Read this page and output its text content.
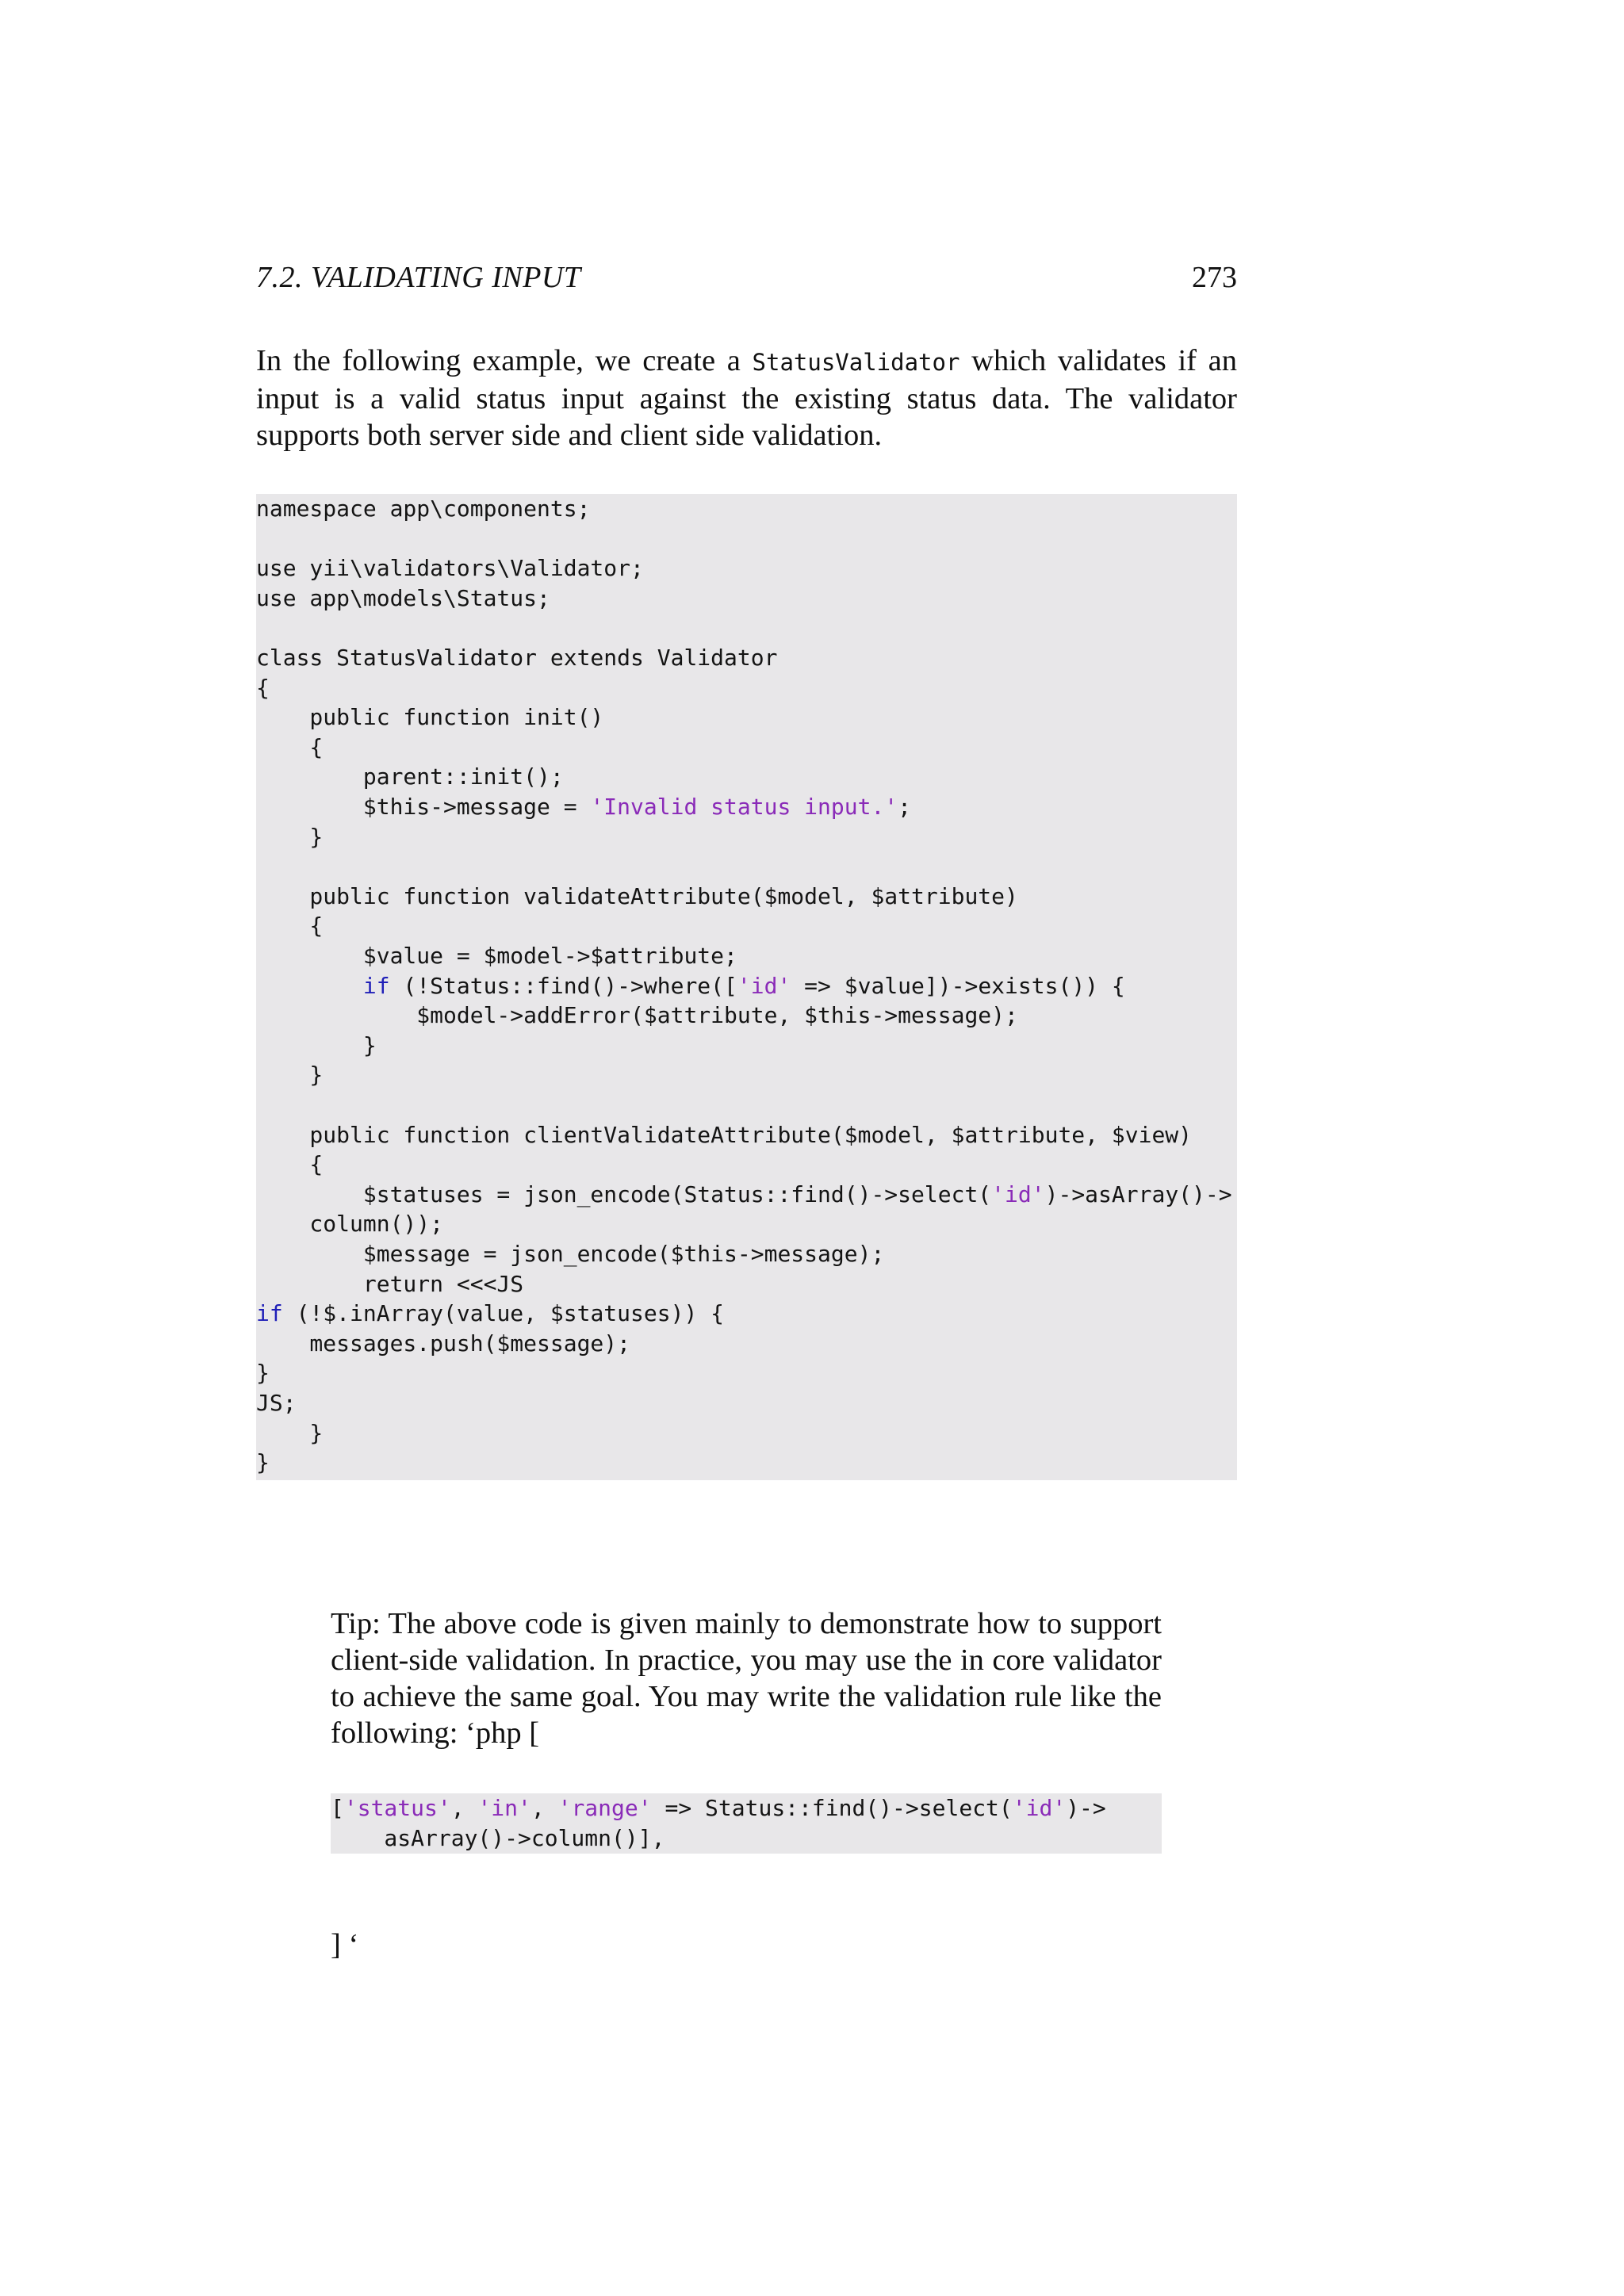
7.2. VALIDATING INPUT	273

In the following example, we create a StatusValidator which validates if an input is a valid status input against the existing status data. The validator supports both server side and client side validation.

namespace app\components;
use yii\validators\Validator;
use app\models\Status;
class StatusValidator extends Validator
{
public function init()
{
parent::init();
$this->message = 'Invalid status input.';
}
public function validateAttribute($model, $attribute)
{
$value = $model->$attribute;
if (!Status::find()->where(['id' => $value])->exists()) {
$model->addError($attribute, $this->message);
}
}
public function clientValidateAttribute($model, $attribute, $view)
{
$statuses = json_encode(Status::find()->select('id')->asArray()->
column());
$message = json_encode($this->message);
return <<<JS
if (!$.inArray(value, $statuses)) {
messages.push($message);
}
JS;
}
}

Tip: The above code is given mainly to demonstrate how to support client-side validation. In practice, you may use the in core validator to achieve the same goal. You may write the validation rule like the following: ‘php [

['status', 'in', 'range' => Status::find()->select('id')->
asArray()->column()],
] ‘
